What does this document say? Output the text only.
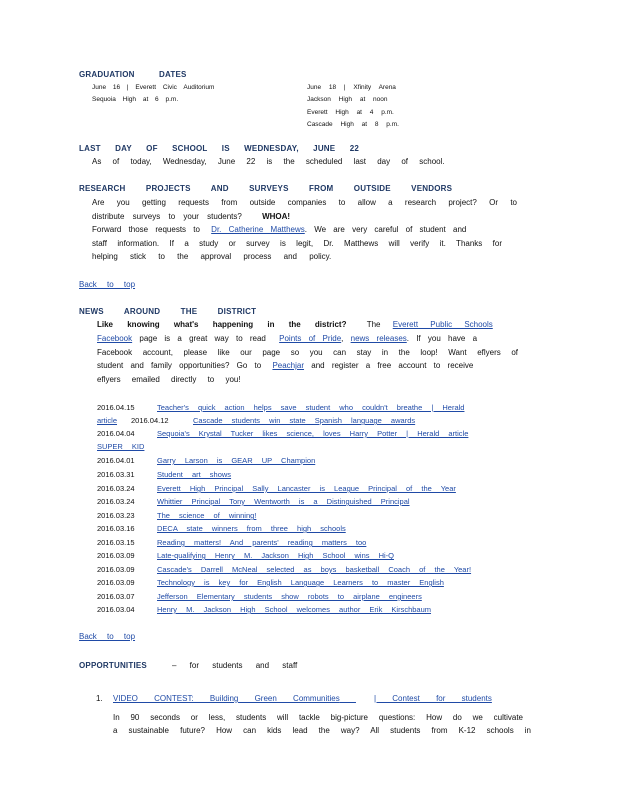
GRADUATION DATES
June 16 | Everett Civic Auditorium
Sequoia High at 6 p.m.
June 18 | Xfinity Arena
Jackson High at noon
Everett High at 4 p.m.
Cascade High at 8 p.m.
LAST DAY OF SCHOOL IS WEDNESDAY, JUNE 22
As of today, Wednesday, June 22 is the scheduled last day of school.
RESEARCH PROJECTS AND SURVEYS FROM OUTSIDE VENDORS
Are you getting requests from outside companies to allow a research project? Or to
distribute surveys to your students?	WHOA!
Forward those requests to Dr. Catherine Matthews. We are very careful of student and
staff information. If a study or survey is legit, Dr. Matthews will verify it. Thanks for
helping stick to the approval process and policy.
Back to top
NEWS AROUND THE DISTRICT
Like knowing what's happening in the district?	The Everett Public Schools
Facebook page is a great way to read Points of Pride, news releases. If you have a
Facebook account, please like our page so you can stay in the loop! Want eflyers of
student and family opportunities? Go to Peachjar and register a free account to receive
eflyers emailed directly to you!
2016.04.15	Teacher's quick action helps save student who couldn't breathe | Herald
article	2016.04.12	Cascade students win state Spanish language awards
2016.04.04	Sequoia's Krystal Tucker likes science, loves Harry Potter | Herald article
SUPER KID
2016.04.01	Garry Larson is GEAR UP Champion
2016.03.31	Student art shows
2016.03.24	Everett High Principal Sally Lancaster is League Principal of the Year
2016.03.24	Whittier Principal Tony Wentworth is a Distinguished Principal
2016.03.23	The science of winning!
2016.03.16	DECA state winners from three high schools
2016.03.15	Reading matters! And parents' reading matters too
2016.03.09	Late-qualifying Henry M. Jackson High School wins Hi-Q
2016.03.09	Cascade's Darrell McNeal selected as boys basketball Coach of the Year!
2016.03.09	Technology is key for English Language Learners to master English
2016.03.07	Jefferson Elementary students show robots to airplane engineers
2016.03.04	Henry M. Jackson High School welcomes author Erik Kirschbaum
Back to top
OPPORTUNITIES	– for students and staff
1. VIDEO CONTEST: Building Green Communities	| Contest for students
In 90 seconds or less, students will tackle big-picture questions: How do we cultivate
a sustainable future? How can kids lead the way? All students from K-12 schools in
